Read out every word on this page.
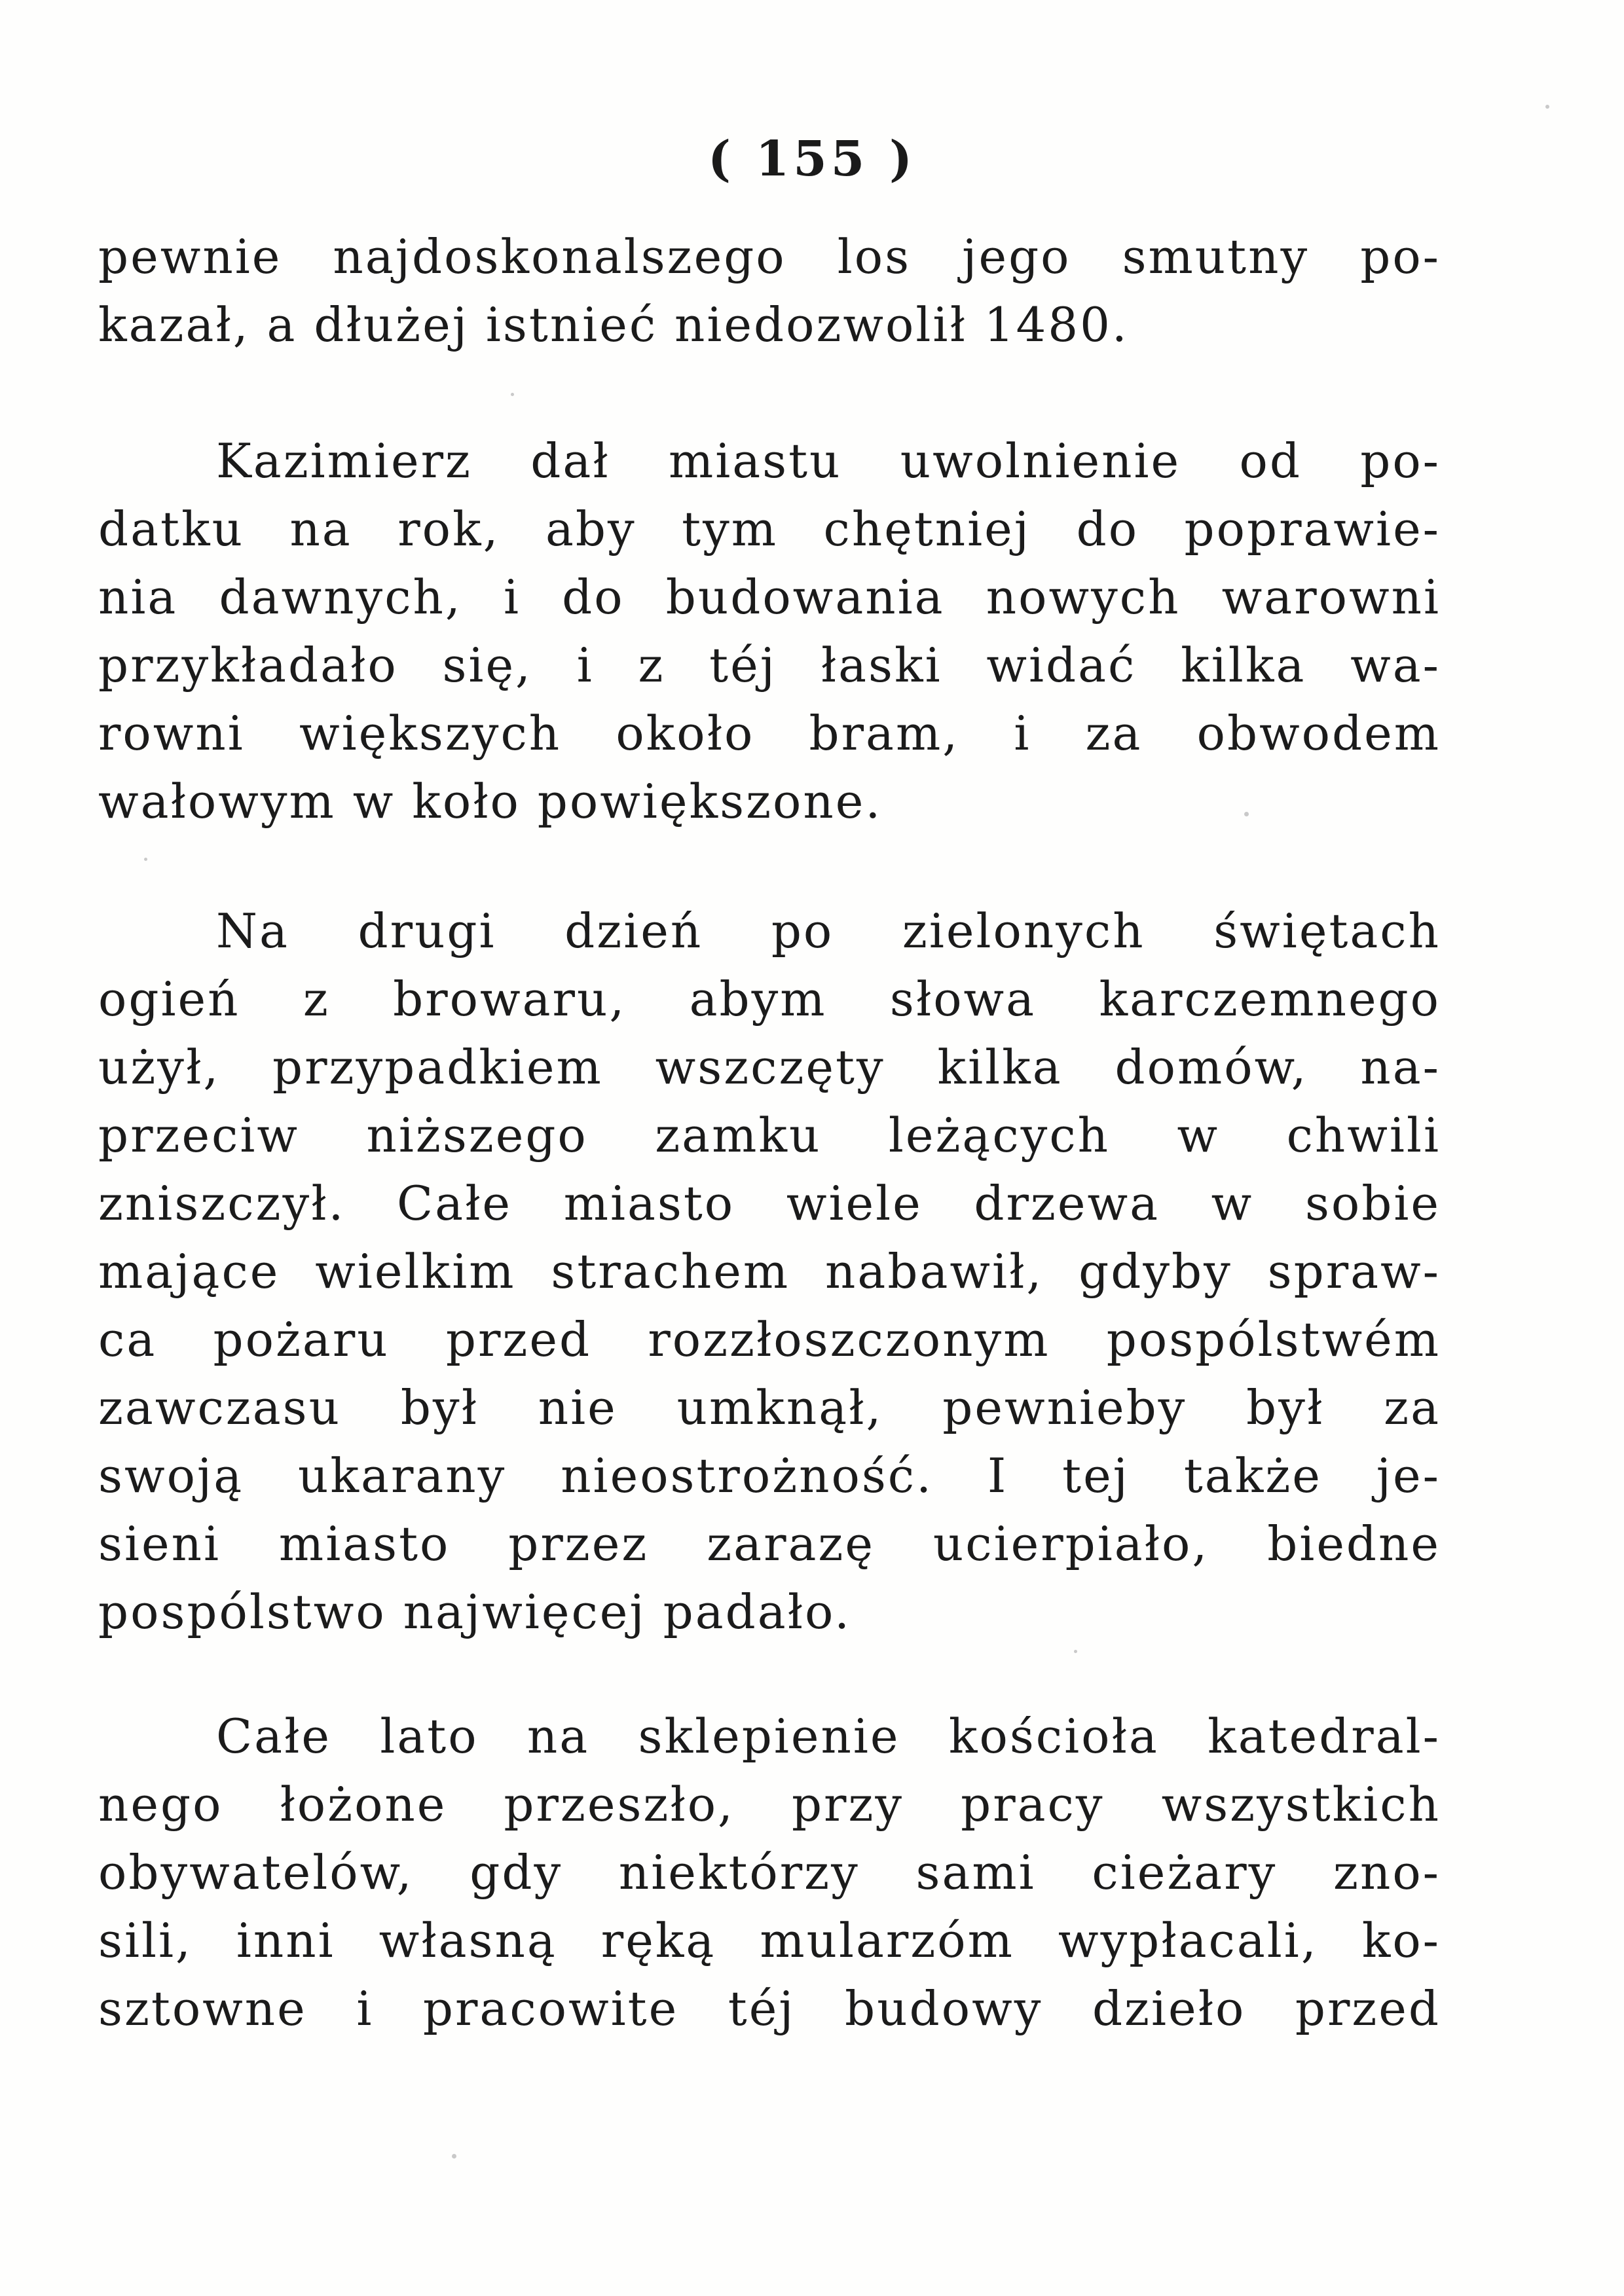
( 155 )
pewnie najdoskonalszego los jego smutny po-
kazał, a dłużej istnieć niedozwolił 1480.
Kazimierz dał miastu uwolnienie od po-
datku na rok, aby tym chętniej do poprawie-
nia dawnych, i do budowania nowych warowni
przykładało się, i z téj łaski widać kilka wa-
rowni większych około bram, i za obwodem
wałowym w koło powiększone.
Na drugi dzień po zielonych świętach
ogień z browaru, abym słowa karczemnego
użył, przypadkiem wszczęty kilka domów, na-
przeciw niższego zamku leżących w chwili
zniszczył. Całe miasto wiele drzewa w sobie
mające wielkim strachem nabawił, gdyby spraw-
ca pożaru przed rozzłoszczonym pospólstwém
zawczasu był nie umknął, pewnieby był za
swoją ukarany nieostrożność. I tej także je-
sieni miasto przez zarazę ucierpiało, biedne
pospólstwo najwięcej padało.
Całe lato na sklepienie kościoła katedral-
nego łożone przeszło, przy pracy wszystkich
obywatelów, gdy niektórzy sami cieżary zno-
sili, inni własną ręką mularzóm wypłacali, ko-
sztowne i pracowite téj budowy dzieło przed
